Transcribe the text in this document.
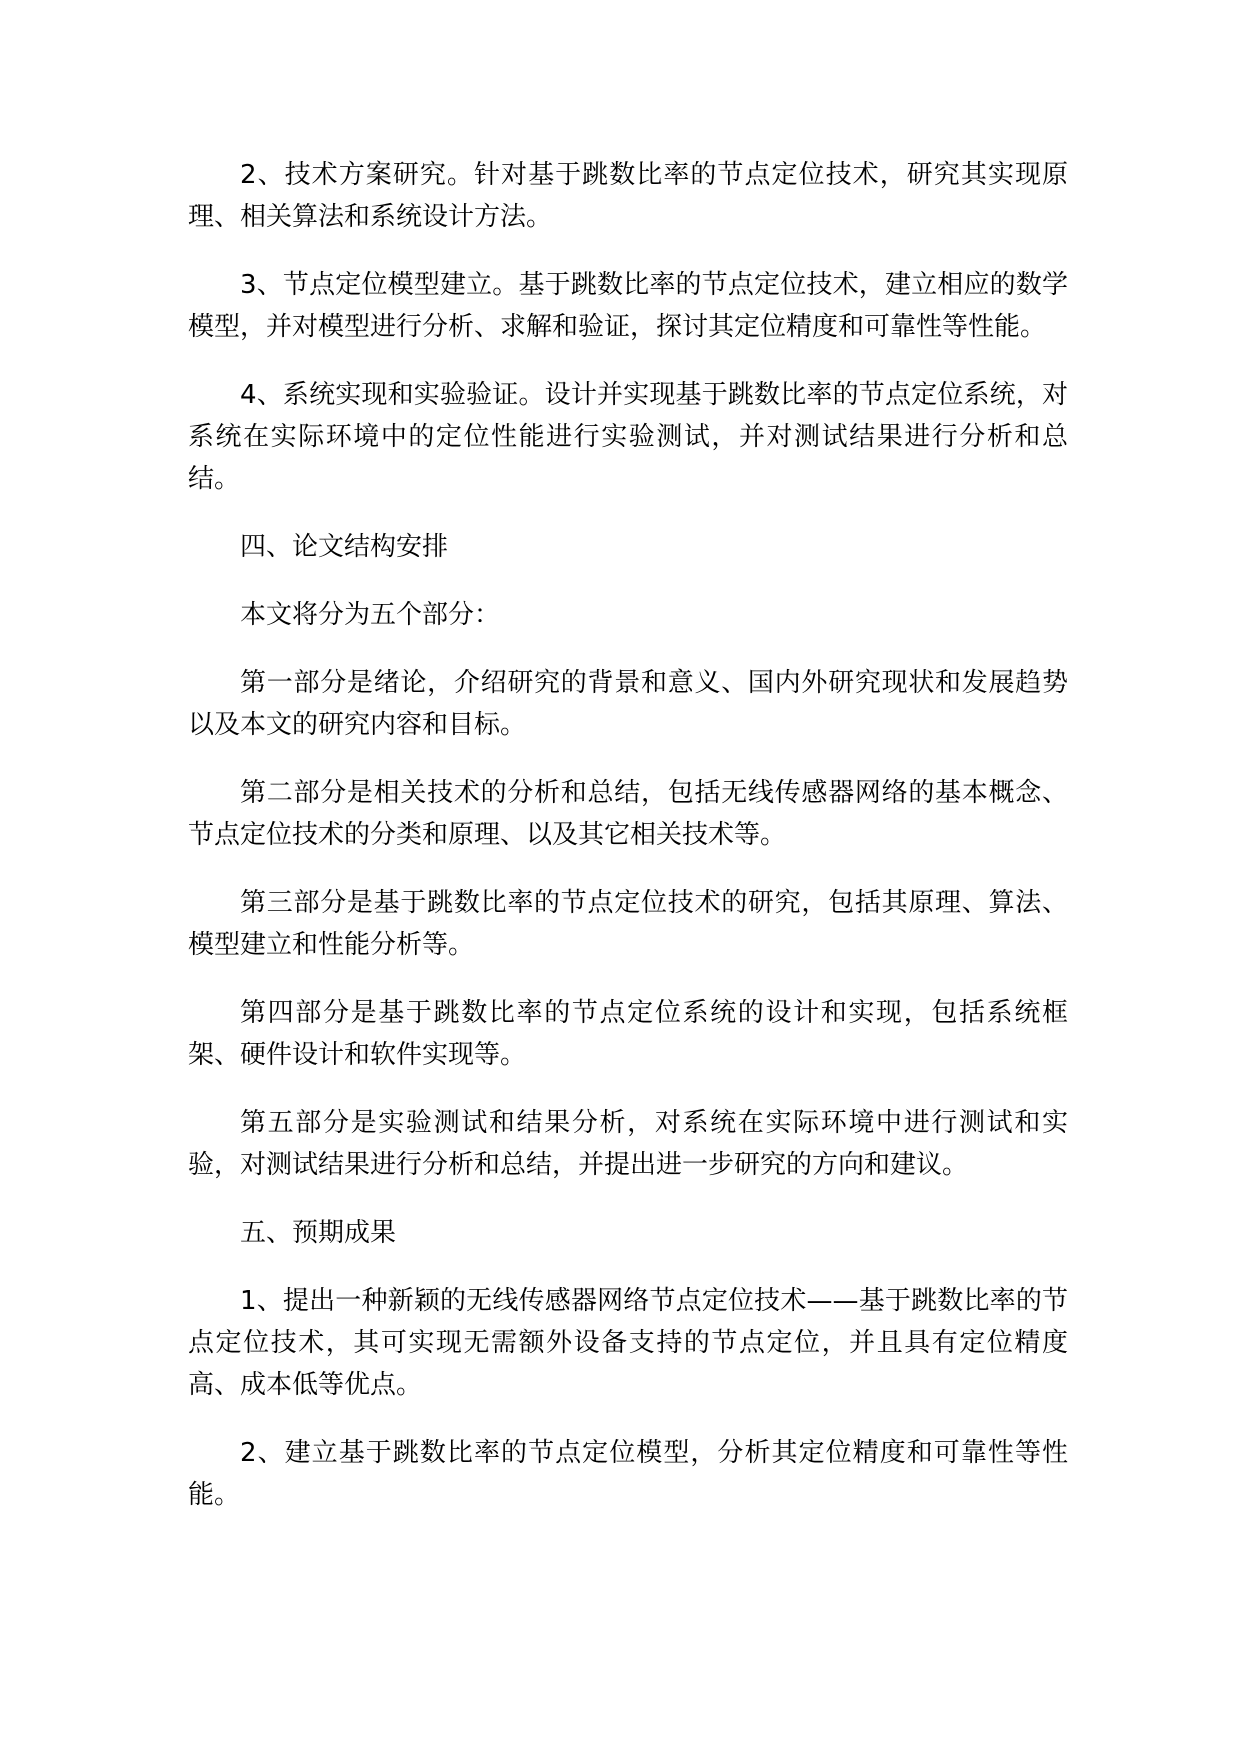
2、技术方案研究。针对基于跳数比率的节点定位技术，研究其实现原理、相关算法和系统设计方法。

3、节点定位模型建立。基于跳数比率的节点定位技术，建立相应的数学模型，并对模型进行分析、求解和验证，探讨其定位精度和可靠性等性能。

4、系统实现和实验验证。设计并实现基于跳数比率的节点定位系统，对系统在实际环境中的定位性能进行实验测试，并对测试结果进行分析和总结。

四、论文结构安排

本文将分为五个部分：

第一部分是绪论，介绍研究的背景和意义、国内外研究现状和发展趋势以及本文的研究内容和目标。

第二部分是相关技术的分析和总结，包括无线传感器网络的基本概念、节点定位技术的分类和原理、以及其它相关技术等。

第三部分是基于跳数比率的节点定位技术的研究，包括其原理、算法、模型建立和性能分析等。

第四部分是基于跳数比率的节点定位系统的设计和实现，包括系统框架、硬件设计和软件实现等。

第五部分是实验测试和结果分析，对系统在实际环境中进行测试和实验，对测试结果进行分析和总结，并提出进一步研究的方向和建议。

五、预期成果

1、提出一种新颖的无线传感器网络节点定位技术——基于跳数比率的节点定位技术，其可实现无需额外设备支持的节点定位，并且具有定位精度高、成本低等优点。

2、建立基于跳数比率的节点定位模型，分析其定位精度和可靠性等性能。
